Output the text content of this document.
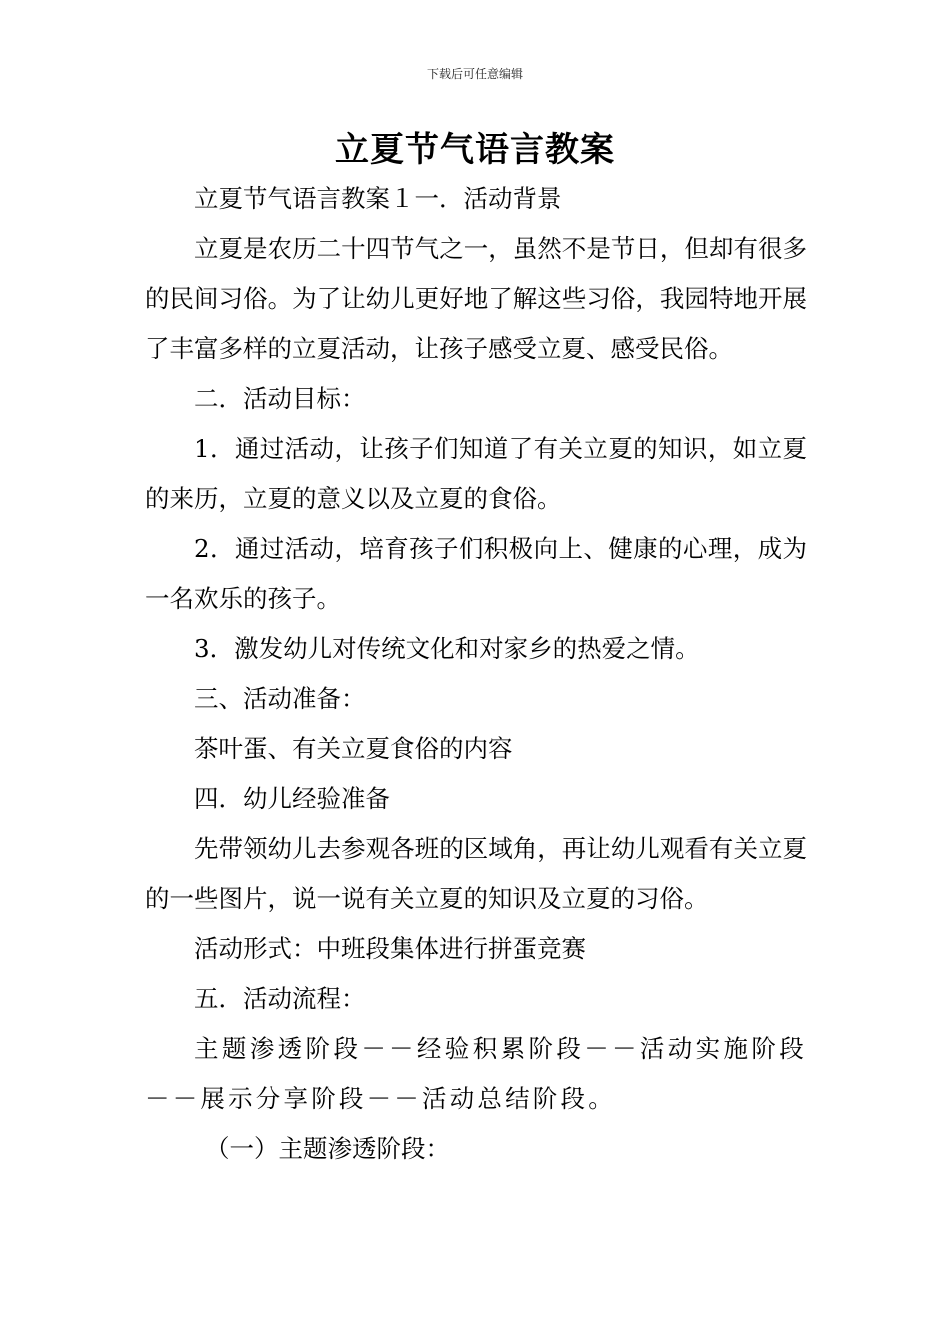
下载后可任意编辑
立夏节气语言教案

立夏节气语言教案１一．活动背景

立夏是农历二十四节气之一，虽然不是节日，但却有很多的民间习俗。为了让幼儿更好地了解这些习俗，我园特地开展了丰富多样的立夏活动，让孩子感受立夏、感受民俗。

二．活动目标：

1．通过活动，让孩子们知道了有关立夏的知识，如立夏的来历，立夏的意义以及立夏的食俗。

2．通过活动，培育孩子们积极向上、健康的心理，成为一名欢乐的孩子。

3．激发幼儿对传统文化和对家乡的热爱之情。

三、活动准备：

茶叶蛋、有关立夏食俗的内容

四．幼儿经验准备

先带领幼儿去参观各班的区域角，再让幼儿观看有关立夏的一些图片，说一说有关立夏的知识及立夏的习俗。

活动形式：中班段集体进行拼蛋竞赛

五．活动流程：

主题渗透阶段－－经验积累阶段－－活动实施阶段－－展示分享阶段－－活动总结阶段。

（一）主题渗透阶段：
